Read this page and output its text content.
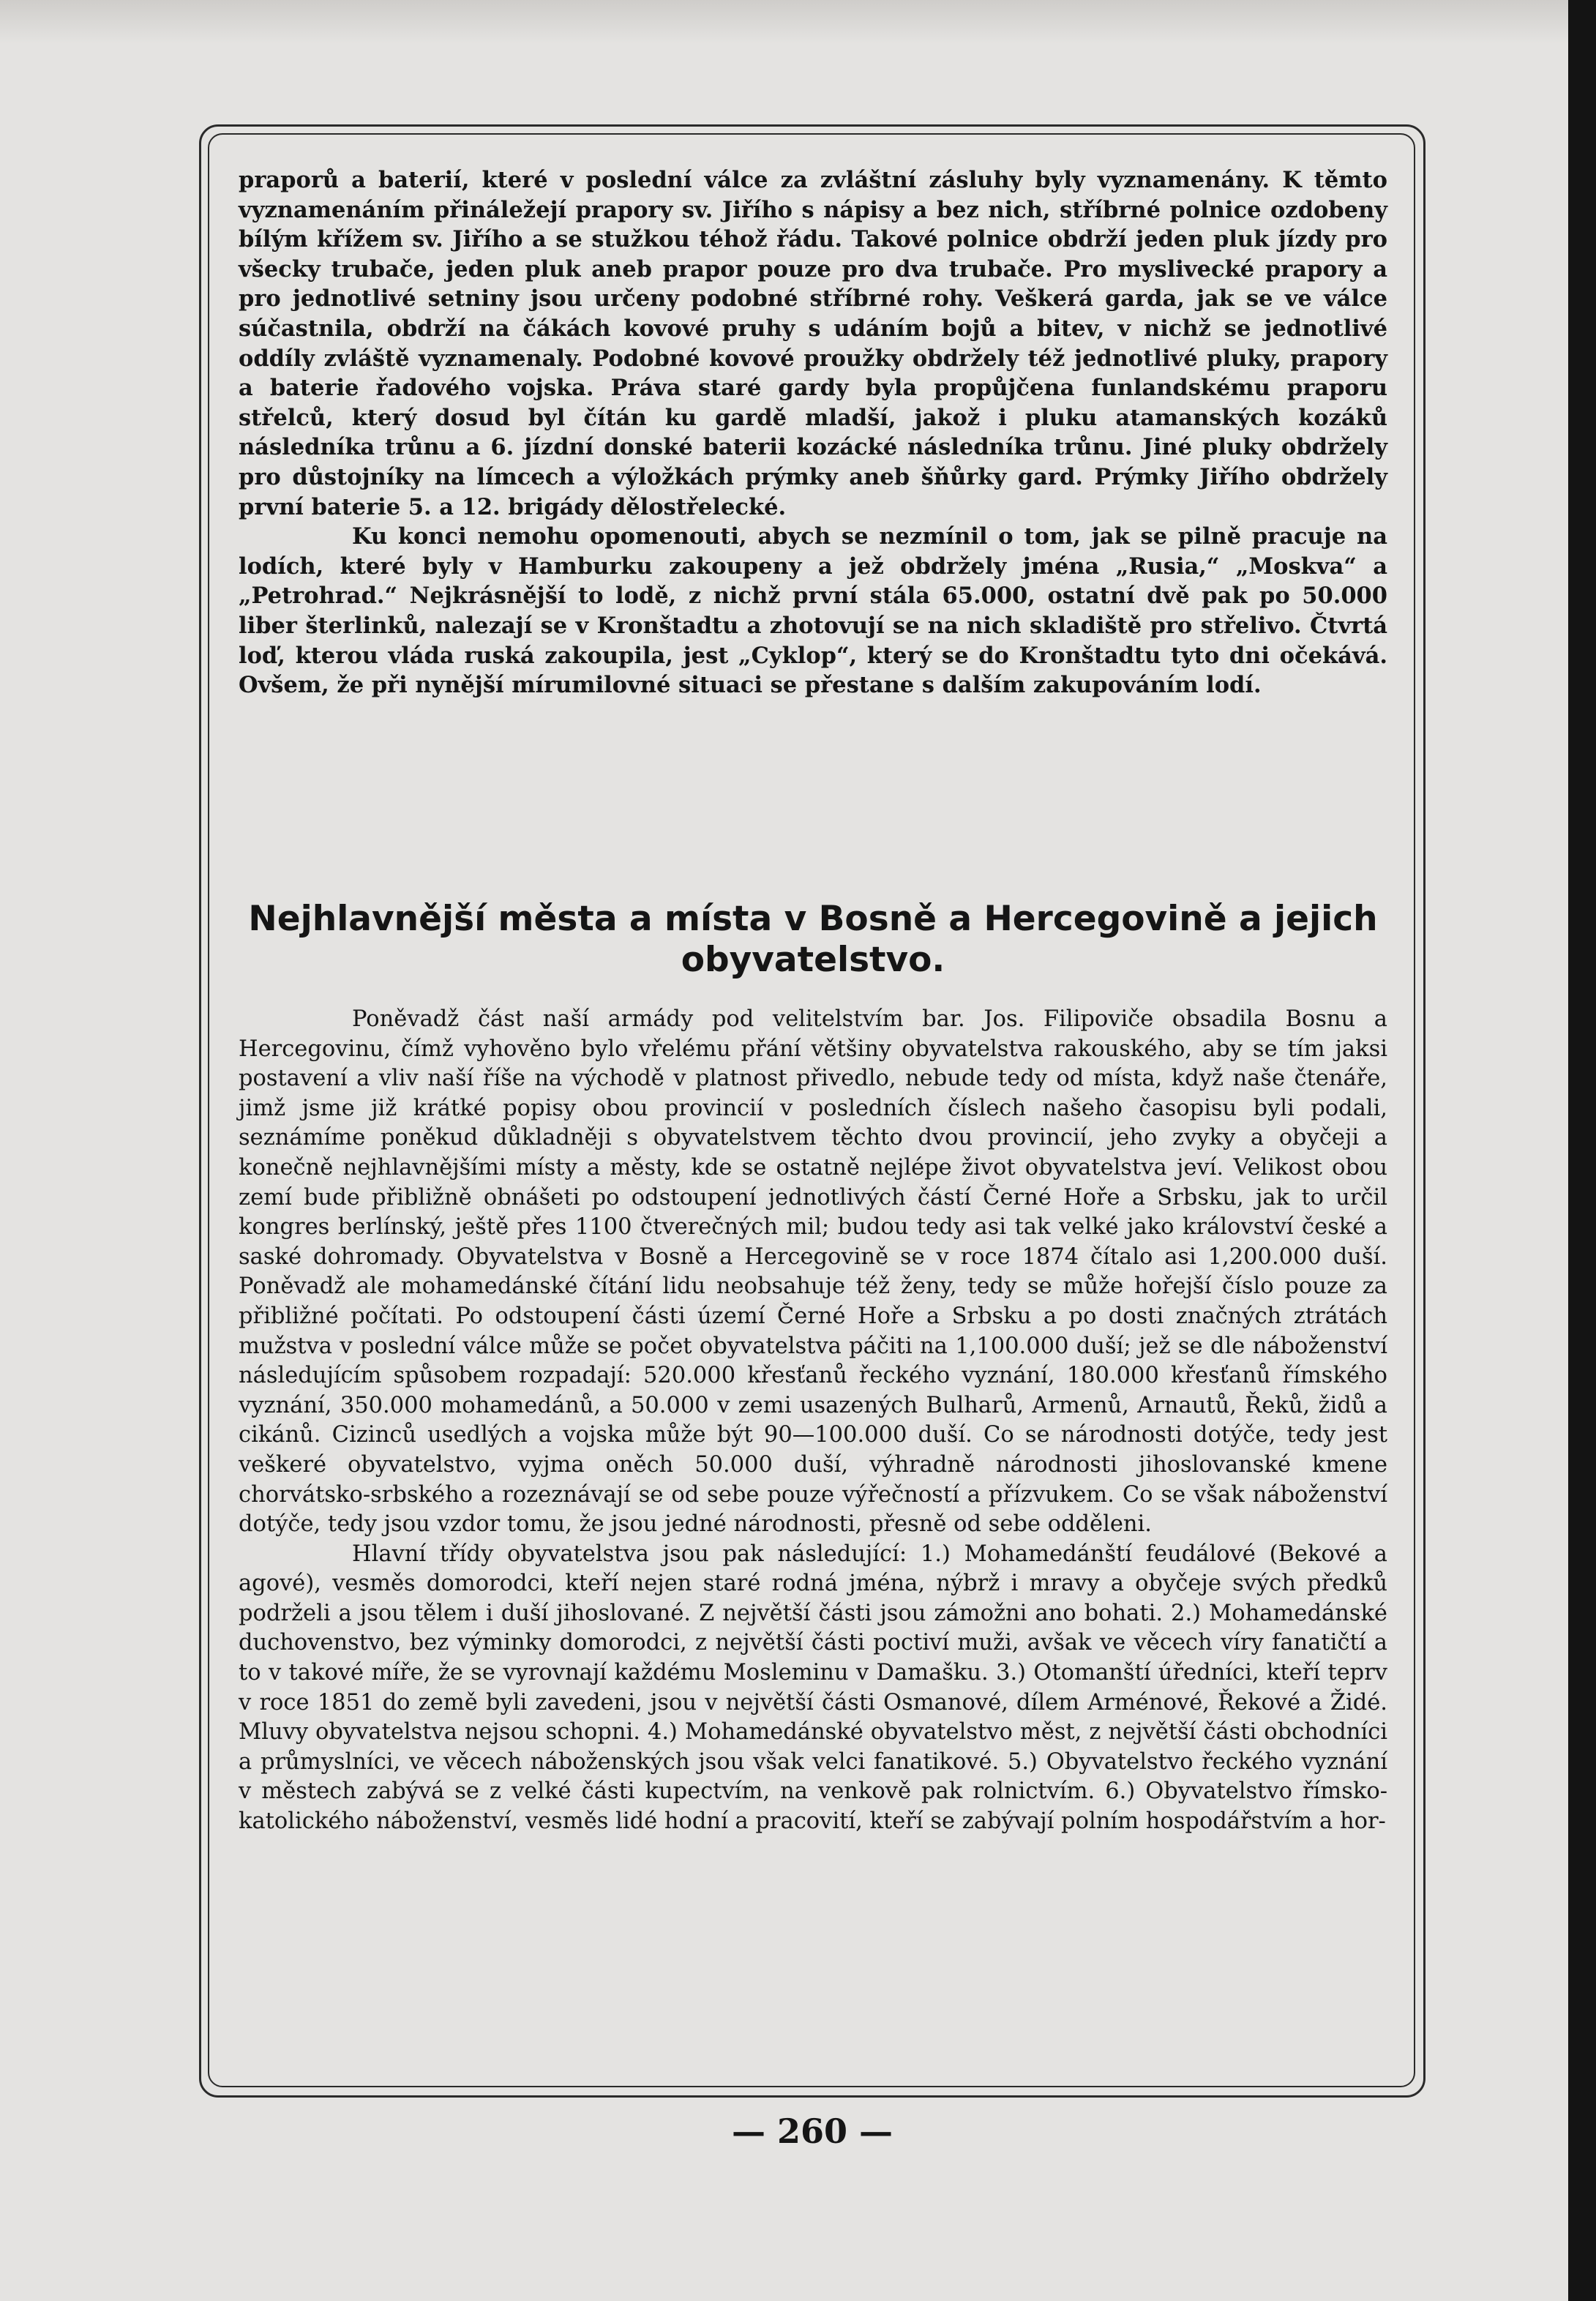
praporů a baterií, které v poslední válce za zvláštní zásluhy byly vyznamenány. K těmto vyznamenáním přináležejí prapory sv. Jiřího s nápisy a bez nich, stříbrné polnice ozdobeny bílým křížem sv. Jiřího a se stužkou téhož řádu. Takové polnice obdrží jeden pluk jízdy pro všecky trubače, jeden pluk aneb prapor pouze pro dva trubače. Pro myslivecké prapory a pro jednotlivé setniny jsou určeny podobné stříbrné rohy. Veškerá garda, jak se ve válce súčastnila, obdrží na čákách kovové pruhy s udáním bojů a bitev, v nichž se jednotlivé oddíly zvláště vyznamenaly. Podobné kovové proužky obdržely též jednotlivé pluky, prapory a baterie řadového vojska. Práva staré gardy byla propůjčena funlandskému praporu střelců, který dosud byl čítán ku gardě mladší, jakož i pluku atamanských kozáků následníka trůnu a 6. jízdní donské baterii kozácké následníka trůnu. Jiné pluky obdržely pro důstojníky na límcech a výložkách prýmky aneb šňůrky gard. Prýmky Jiřího obdržely první baterie 5. a 12. brigády dělostřelecké.

Ku konci nemohu opomenouti, abych se nezmínil o tom, jak se pilně pracuje na lodích, které byly v Hamburku zakoupeny a jež obdržely jména „Rusia,“ „Moskva“ a „Petrohrad.“ Nejkrásnější to lodě, z nichž první stála 65.000, ostatní dvě pak po 50.000 liber šterlinků, nalezají se v Kronštadtu a zhotovují se na nich skladiště pro střelivo. Čtvrtá loď, kterou vláda ruská zakoupila, jest „Cyklop“, který se do Kronštadtu tyto dni očekává. Ovšem, že při nynější mírumilovné situaci se přestane s dalším zakupováním lodí.

Nejhlavnější města a místa v Bosně a Hercegovině a jejich
obyvatelstvo.

Poněvadž část naší armády pod velitelstvím bar. Jos. Filipoviče obsadila Bosnu a Hercegovinu, čímž vyhověno bylo vřelému přání většiny obyvatelstva rakouského, aby se tím jaksi postavení a vliv naší říše na východě v platnost přivedlo, nebude tedy od místa, když naše čtenáře, jimž jsme již krátké popisy obou provincií v posledních číslech našeho časopisu byli podali, seznámíme poněkud důkladněji s obyvatelstvem těchto dvou provincií, jeho zvyky a obyčeji a konečně nejhlavnějšími místy a městy, kde se ostatně nejlépe život obyvatelstva jeví. Velikost obou zemí bude přibližně obnášeti po odstoupení jednotlivých částí Černé Hoře a Srbsku, jak to určil kongres berlínský, ještě přes 1100 čtverečných mil; budou tedy asi tak velké jako království české a saské dohromady. Obyvatelstva v Bosně a Hercegovině se v roce 1874 čítalo asi 1,200.000 duší. Poněvadž ale mohamedánské čítání lidu neobsahuje též ženy, tedy se může hořejší číslo pouze za přibližné počítati. Po odstoupení části území Černé Hoře a Srbsku a po dosti značných ztrátách mužstva v poslední válce může se počet obyvatelstva páčiti na 1,100.000 duší; jež se dle náboženství následujícím spůsobem rozpadají: 520.000 křesťanů řeckého vyznání, 180.000 křesťanů římského vyznání, 350.000 mohamedánů, a 50.000 v zemi usazených Bulharů, Armenů, Arnautů, Řeků, židů a cikánů. Cizinců usedlých a vojska může být 90—100.000 duší. Co se národnosti dotýče, tedy jest veškeré obyvatelstvo, vyjma oněch 50.000 duší, výhradně národnosti jihoslovanské kmene chorvátsko-srbského a rozeznávají se od sebe pouze výřečností a přízvukem. Co se však náboženství dotýče, tedy jsou vzdor tomu, že jsou jedné národnosti, přesně od sebe odděleni.

Hlavní třídy obyvatelstva jsou pak následující: 1.) Mohamedánští feudálové (Bekové a agové), vesměs domorodci, kteří nejen staré rodná jména, nýbrž i mravy a obyčeje svých předků podrželi a jsou tělem i duší jihoslované. Z největší části jsou zámožni ano bohati. 2.) Mohamedánské duchovenstvo, bez výminky domorodci, z největší části poctiví muži, avšak ve věcech víry fanatičtí a to v takové míře, že se vyrovnají každému Mosleminu v Damašku. 3.) Otomanští úředníci, kteří teprv v roce 1851 do země byli zavedeni, jsou v největší části Osmanové, dílem Arménové, Řekové a Židé. Mluvy obyvatelstva nejsou schopni. 4.) Mohamedánské obyvatelstvo měst, z největší části obchodníci a průmyslníci, ve věcech náboženských jsou však velci fanatikové. 5.) Obyvatelstvo řeckého vyznání v městech zabývá se z velké části kupectvím, na venkově pak rolnictvím. 6.) Obyvatelstvo římsko-katolického náboženství, vesměs lidé hodní a pracovití, kteří se zabývají polním hospodářstvím a hor-

— 260 —
